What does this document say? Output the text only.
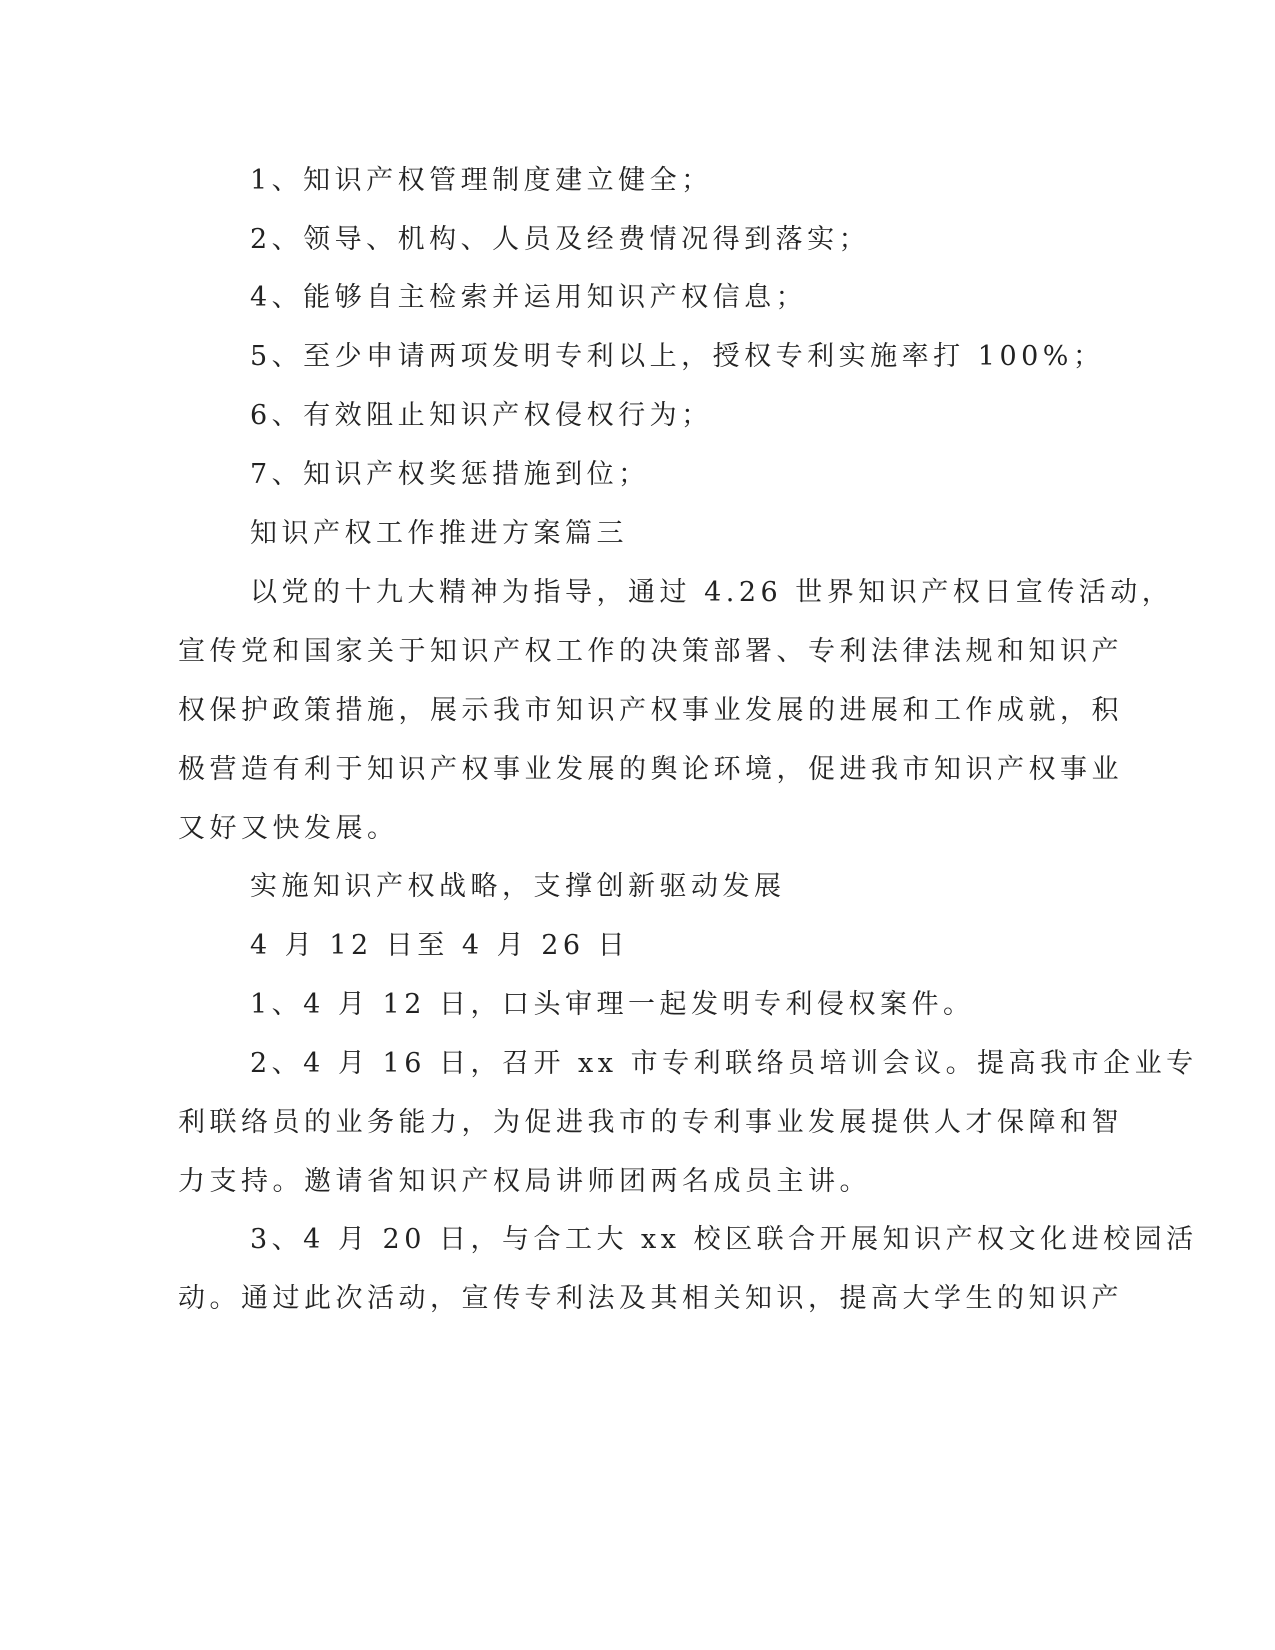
1、知识产权管理制度建立健全；

2、领导、机构、人员及经费情况得到落实；

4、能够自主检索并运用知识产权信息；

5、至少申请两项发明专利以上，授权专利实施率打 100%；

6、有效阻止知识产权侵权行为；

7、知识产权奖惩措施到位；

知识产权工作推进方案篇三

以党的十九大精神为指导，通过 4.26 世界知识产权日宣传活动，
宣传党和国家关于知识产权工作的决策部署、专利法律法规和知识产
权保护政策措施，展示我市知识产权事业发展的进展和工作成就，积
极营造有利于知识产权事业发展的舆论环境，促进我市知识产权事业
又好又快发展。

实施知识产权战略，支撑创新驱动发展

4 月 12 日至 4 月 26 日

1、4 月 12 日，口头审理一起发明专利侵权案件。

2、4 月 16 日，召开 xx 市专利联络员培训会议。提高我市企业专
利联络员的业务能力，为促进我市的专利事业发展提供人才保障和智
力支持。邀请省知识产权局讲师团两名成员主讲。
3、4 月 20 日，与合工大 xx 校区联合开展知识产权文化进校园活
动。通过此次活动，宣传专利法及其相关知识，提高大学生的知识产
